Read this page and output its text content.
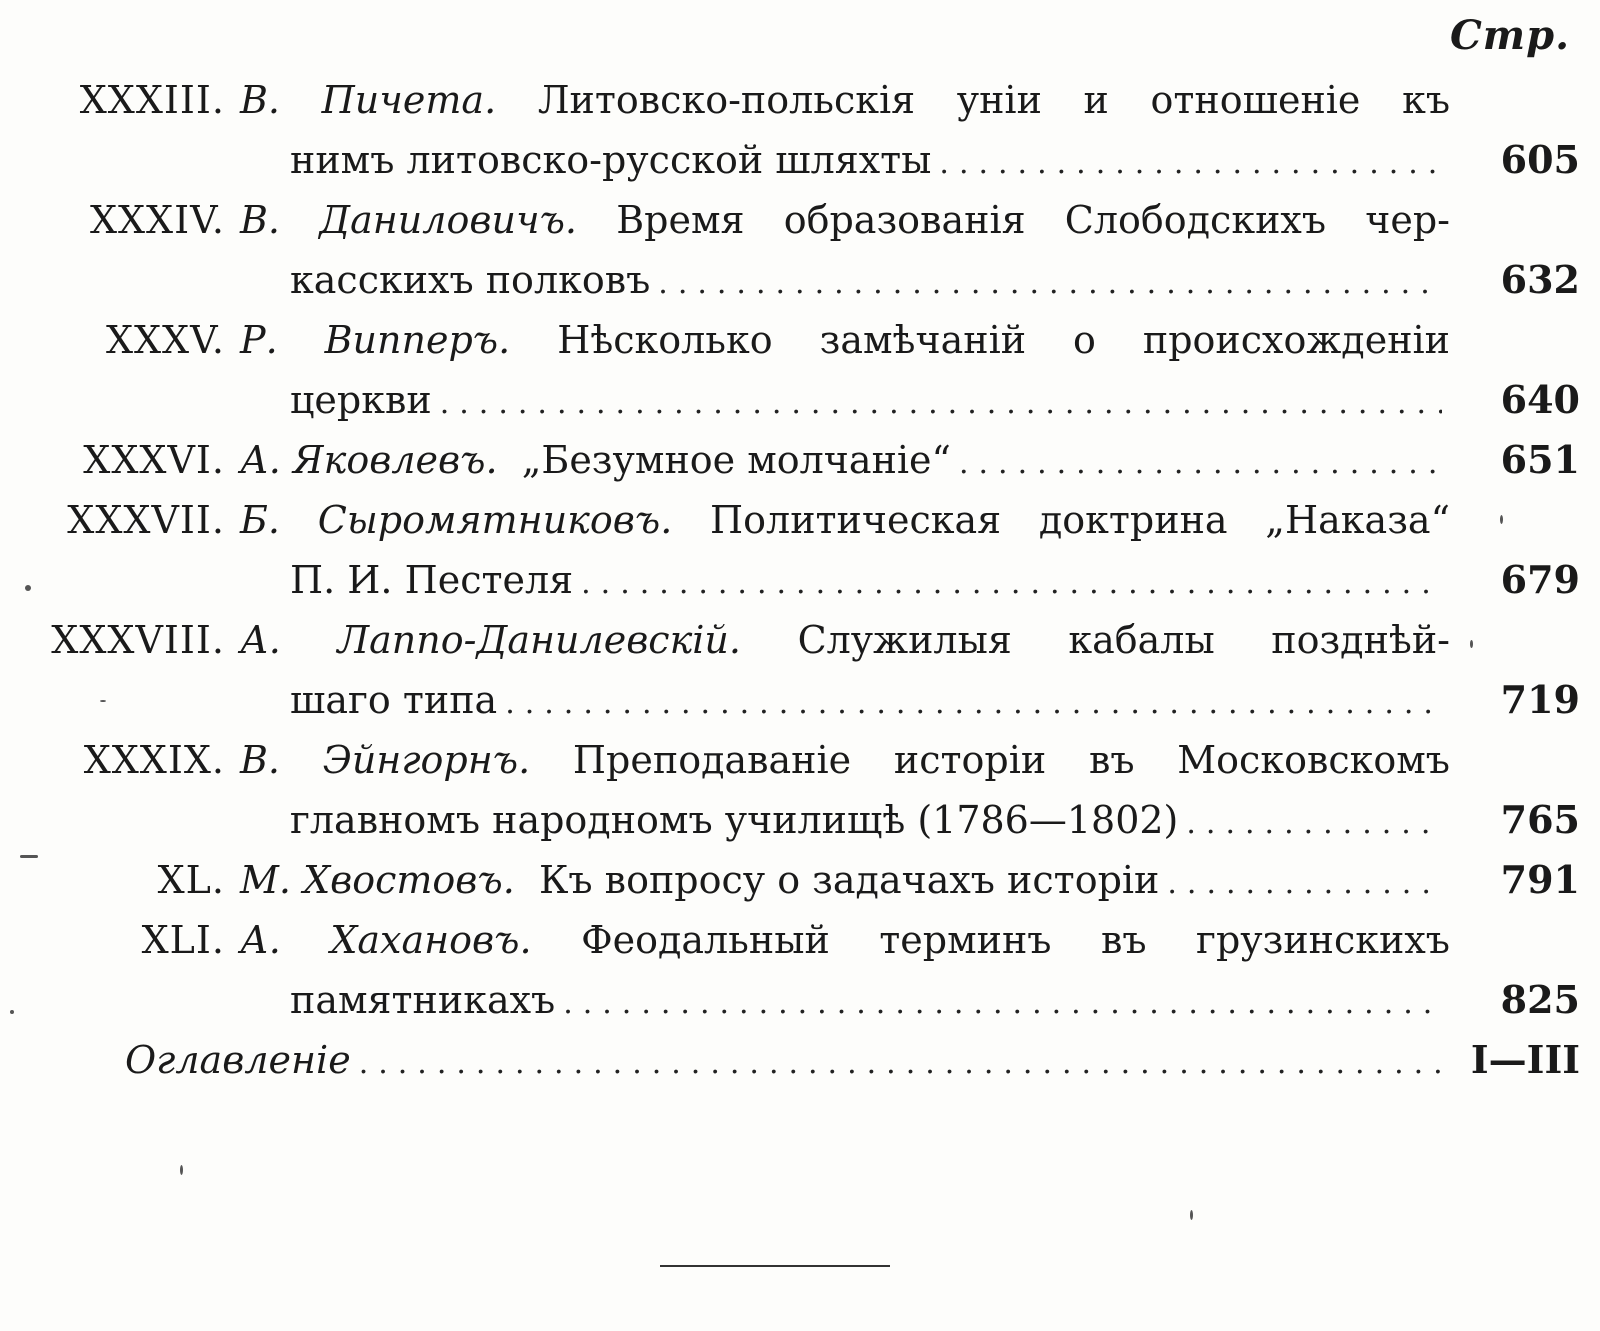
Стр.
XXXIII. В. Пичета. Литовско-польскія уніи и отношеніе къ
нимъ литовско-русской шляхты .....	605
XXXIV. В. Даниловичъ. Время образованія Слободскихъ чер-
касскихъ полковъ .....	632
XXXV. Р. Випперъ. Нѣсколько замѣчаній о происхожденіи
церкви .....	640
XXXVI. А. Яковлевъ.
„Безумное молчаніе“ .....	651
XXXVII. Б. Сыромятниковъ. Политическая доктрина „Наказа“
П. И. Пестеля .....	679
XXXVIII. А. Лаппо-Данилевскій. Служилыя кабалы позднѣй-
шаго типа .....	719
XXXIX. В. Эйнгорнъ. Преподаваніе исторіи въ Московскомъ
главномъ народномъ училищѣ (1786—1802) .....	765
XL. М. Хвостовъ.
Къ вопросу о задачахъ исторіи .....	791
XLI. А. Хахановъ. Феодальный терминъ въ грузинскихъ
памятникахъ .....	825
Оглавленіе .....	I—III
